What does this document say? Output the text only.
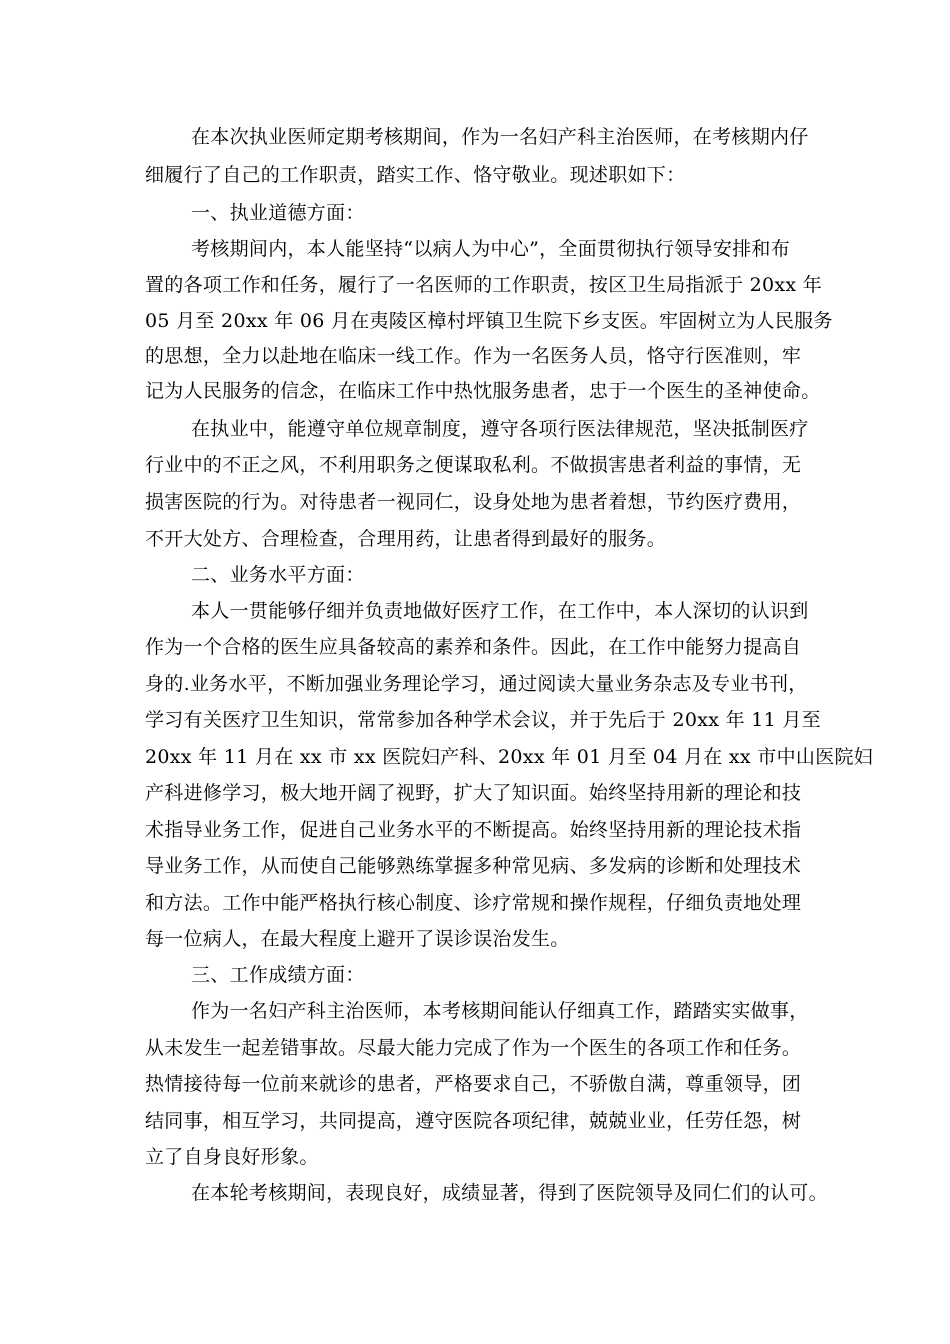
在本次执业医师定期考核期间，作为一名妇产科主治医师，在考核期内仔
细履行了自己的工作职责，踏实工作、恪守敬业。现述职如下：
一、执业道德方面：
考核期间内，本人能坚持“以病人为中心”，全面贯彻执行领导安排和布
置的各项工作和任务，履行了一名医师的工作职责，按区卫生局指派于 20xx 年
05 月至 20xx 年 06 月在夷陵区樟村坪镇卫生院下乡支医。牢固树立为人民服务
的思想，全力以赴地在临床一线工作。作为一名医务人员，恪守行医准则，牢
记为人民服务的信念，在临床工作中热忱服务患者，忠于一个医生的圣神使命。
在执业中，能遵守单位规章制度，遵守各项行医法律规范，坚决抵制医疗
行业中的不正之风，不利用职务之便谋取私利。不做损害患者利益的事情，无
损害医院的行为。对待患者一视同仁，设身处地为患者着想，节约医疗费用，
不开大处方、合理检查，合理用药，让患者得到最好的服务。
二、业务水平方面：
本人一贯能够仔细并负责地做好医疗工作，在工作中，本人深切的认识到
作为一个合格的医生应具备较高的素养和条件。因此，在工作中能努力提高自
身的.业务水平，不断加强业务理论学习，通过阅读大量业务杂志及专业书刊，
学习有关医疗卫生知识，常常参加各种学术会议，并于先后于 20xx 年 11 月至
20xx 年 11 月在 xx 市 xx 医院妇产科、20xx 年 01 月至 04 月在 xx 市中山医院妇
产科进修学习，极大地开阔了视野，扩大了知识面。始终坚持用新的理论和技
术指导业务工作，促进自己业务水平的不断提高。始终坚持用新的理论技术指
导业务工作，从而使自己能够熟练掌握多种常见病、多发病的诊断和处理技术
和方法。工作中能严格执行核心制度、诊疗常规和操作规程，仔细负责地处理
每一位病人，在最大程度上避开了误诊误治发生。
三、工作成绩方面：
作为一名妇产科主治医师，本考核期间能认仔细真工作，踏踏实实做事，
从未发生一起差错事故。尽最大能力完成了作为一个医生的各项工作和任务。
热情接待每一位前来就诊的患者，严格要求自己，不骄傲自满，尊重领导，团
结同事，相互学习，共同提高，遵守医院各项纪律，兢兢业业，任劳任怨，树
立了自身良好形象。
在本轮考核期间，表现良好，成绩显著，得到了医院领导及同仁们的认可。
